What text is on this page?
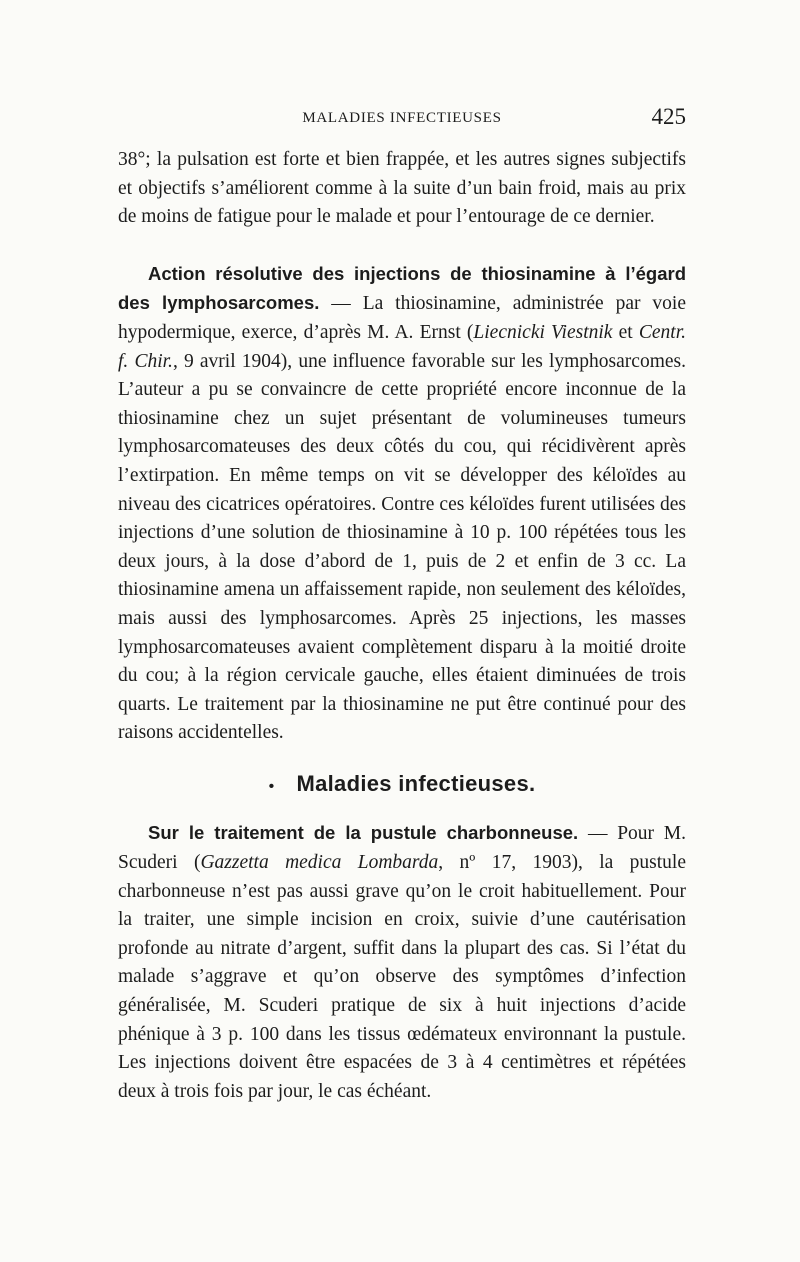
MALADIES INFECTIEUSES	425

38°; la pulsation est forte et bien frappée, et les autres signes subjectifs et objectifs s’améliorent comme à la suite d’un bain froid, mais au prix de moins de fatigue pour le malade et pour l’entourage de ce dernier.

Action résolutive des injections de thiosinamine à l’égard des lymphosarcomes. — La thiosinamine, administrée par voie hypodermique, exerce, d’après M. A. Ernst (Liecnicki Viestnik et Centr. f. Chir., 9 avril 1904), une influence favorable sur les lymphosarcomes. L’auteur a pu se convaincre de cette propriété encore inconnue de la thiosinamine chez un sujet présentant de volumineuses tumeurs lymphosarcomateuses des deux côtés du cou, qui récidivèrent après l’extirpation. En même temps on vit se développer des kéloïdes au niveau des cicatrices opératoires. Contre ces kéloïdes furent utilisées des injections d’une solution de thiosinamine à 10 p. 100 répétées tous les deux jours, à la dose d’abord de 1, puis de 2 et enfin de 3 cc. La thiosinamine amena un affaissement rapide, non seulement des kéloïdes, mais aussi des lymphosarcomes. Après 25 injections, les masses lymphosarcomateuses avaient complètement disparu à la moitié droite du cou; à la région cervicale gauche, elles étaient diminuées de trois quarts. Le traitement par la thiosinamine ne put être continué pour des raisons accidentelles.

• Maladies infectieuses.

Sur le traitement de la pustule charbonneuse. — Pour M. Scuderi (Gazzetta medica Lombarda, nº 17, 1903), la pustule charbonneuse n’est pas aussi grave qu’on le croit habituellement. Pour la traiter, une simple incision en croix, suivie d’une cautérisation profonde au nitrate d’argent, suffit dans la plupart des cas. Si l’état du malade s’aggrave et qu’on observe des symptômes d’infection généralisée, M. Scuderi pratique de six à huit injections d’acide phénique à 3 p. 100 dans les tissus œdémateux environnant la pustule. Les injections doivent être espacées de 3 à 4 centimètres et répétées deux à trois fois par jour, le cas échéant.
